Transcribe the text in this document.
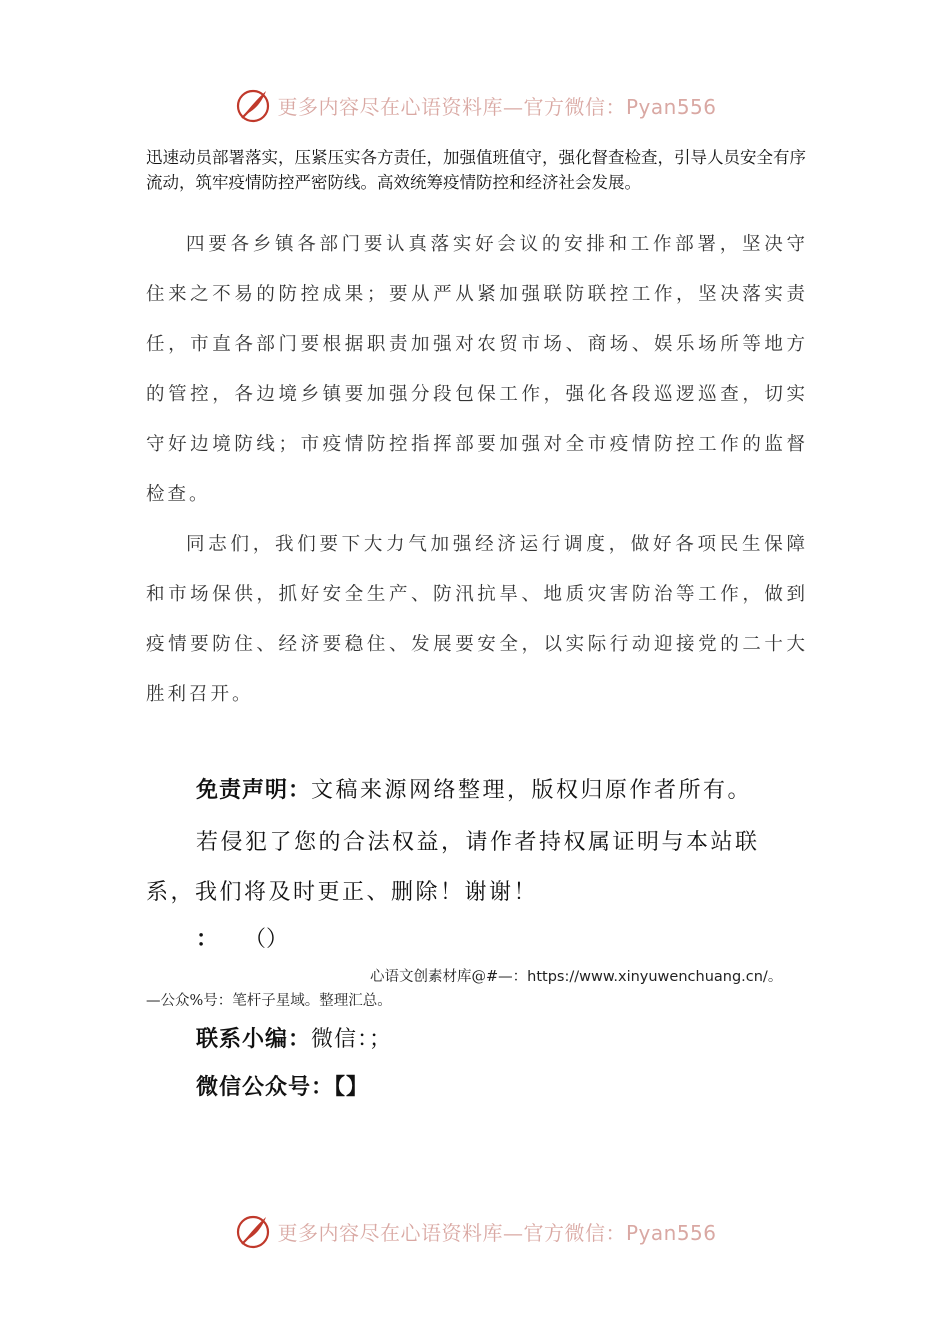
更多内容尽在心语资料库—官方微信：Pyan556
迅速动员部署落实，压紧压实各方责任，加强值班值守，强化督查检查，引导人员安全有序流动，筑牢疫情防控严密防线。高效统筹疫情防控和经济社会发展。
四要各乡镇各部门要认真落实好会议的安排和工作部署，坚决守住来之不易的防控成果；要从严从紧加强联防联控工作，坚决落实责任，市直各部门要根据职责加强对农贸市场、商场、娱乐场所等地方的管控，各边境乡镇要加强分段包保工作，强化各段巡逻巡查，切实守好边境防线；市疫情防控指挥部要加强对全市疫情防控工作的监督检查。
同志们，我们要下大力气加强经济运行调度，做好各项民生保障和市场保供，抓好安全生产、防汛抗旱、地质灾害防治等工作，做到疫情要防住、经济要稳住、发展要安全，以实际行动迎接党的二十大胜利召开。
免责声明：文稿来源网络整理，版权归原作者所有。
若侵犯了您的合法权益，请作者持权属证明与本站联系，我们将及时更正、删除！谢谢！
： （）
心语文创素材库@#—：https://www.xinyuwenchuang.cn/。
—公众%号：笔杆子星域。整理汇总。
联系小编：微信：；
微信公众号：【】
更多内容尽在心语资料库—官方微信：Pyan556
